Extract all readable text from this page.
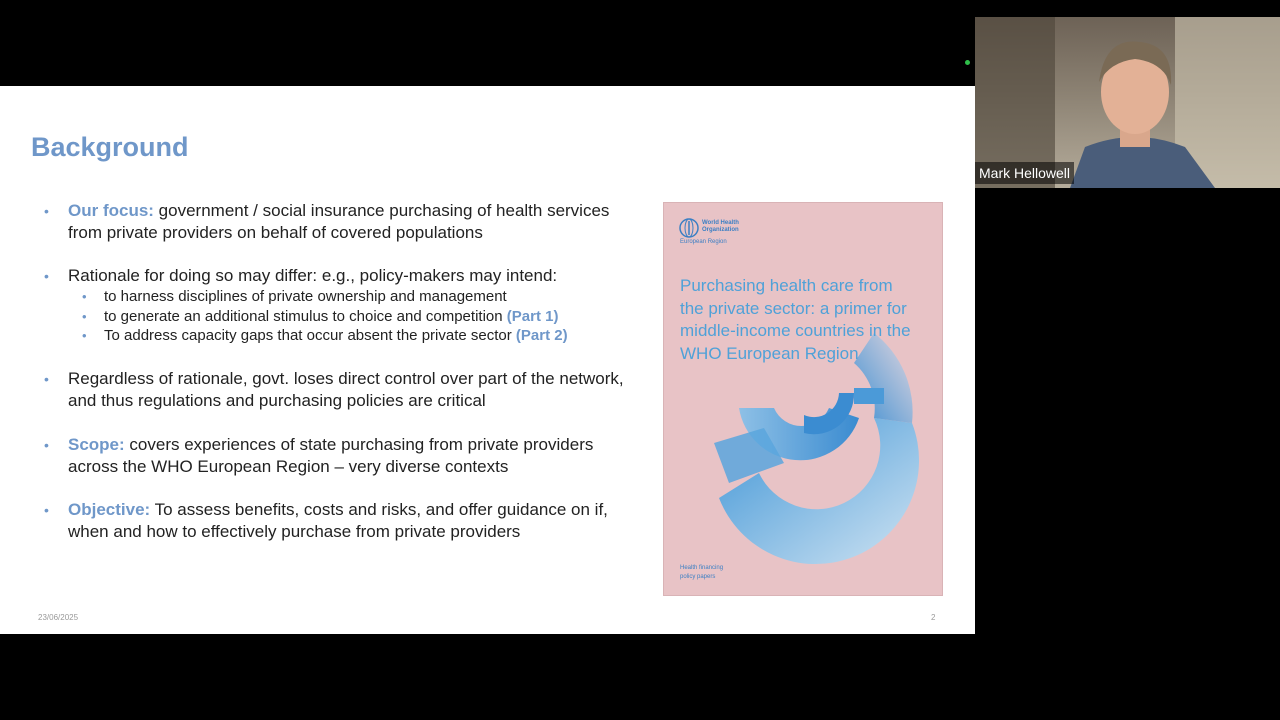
Background
•	Our focus: government / social insurance purchasing of health services from private providers on behalf of covered populations
•	Rationale for doing so may differ: e.g., policy-makers may intend:
•	to harness disciplines of private ownership and management
•	to generate an additional stimulus to choice and competition (Part 1)
•	To address capacity gaps that occur absent the private sector (Part 2)
•	Regardless of rationale, govt. loses direct control over part of the network, and thus regulations and purchasing policies are critical
•	Scope: covers experiences of state purchasing from private providers across the WHO European Region – very diverse contexts
•	Objective: To assess benefits, costs and risks, and offer guidance on if, when and how to effectively purchase from private providers
World Health
Organization
European Region
Purchasing health care from the private sector: a primer for middle-income countries in the WHO European Region
Health financing
policy papers
23/06/2025	2
Mark Hellowell
